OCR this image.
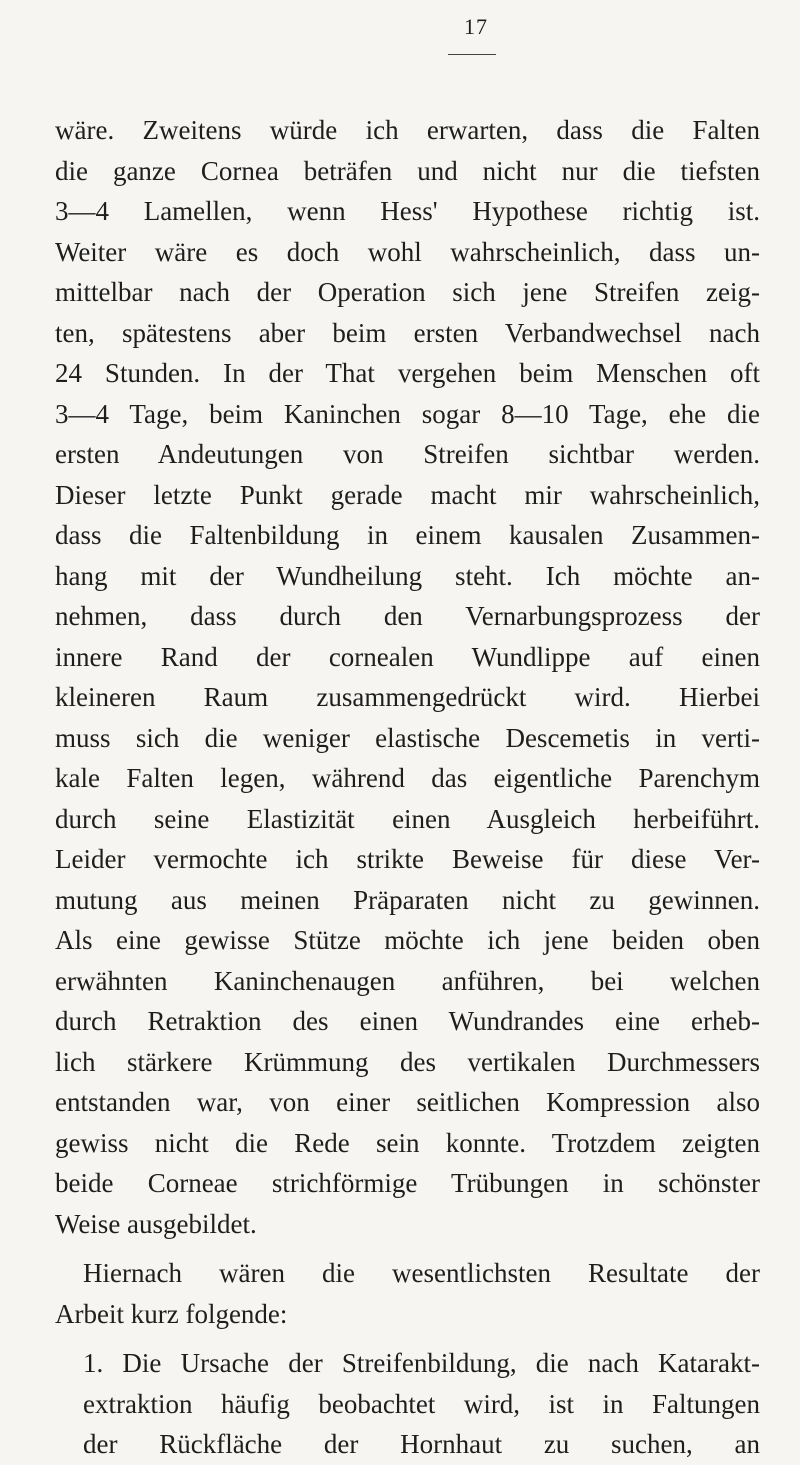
17
wäre. Zweitens würde ich erwarten, dass die Falten
die ganze Cornea beträfen und nicht nur die tiefsten
3—4 Lamellen, wenn Hess' Hypothese richtig ist.
Weiter wäre es doch wohl wahrscheinlich, dass un-
mittelbar nach der Operation sich jene Streifen zeig-
ten, spätestens aber beim ersten Verbandwechsel nach
24 Stunden. In der That vergehen beim Menschen oft
3—4 Tage, beim Kaninchen sogar 8—10 Tage, ehe die
ersten Andeutungen von Streifen sichtbar werden.
Dieser letzte Punkt gerade macht mir wahrscheinlich,
dass die Faltenbildung in einem kausalen Zusammen-
hang mit der Wundheilung steht. Ich möchte an-
nehmen, dass durch den Vernarbungsprozess der
innere Rand der cornealen Wundlippe auf einen
kleineren Raum zusammengedrückt wird. Hierbei
muss sich die weniger elastische Descemetis in verti-
kale Falten legen, während das eigentliche Parenchym
durch seine Elastizität einen Ausgleich herbeiführt.
Leider vermochte ich strikte Beweise für diese Ver-
mutung aus meinen Präparaten nicht zu gewinnen.
Als eine gewisse Stütze möchte ich jene beiden oben
erwähnten Kaninchenaugen anführen, bei welchen
durch Retraktion des einen Wundrandes eine erheb-
lich stärkere Krümmung des vertikalen Durchmessers
entstanden war, von einer seitlichen Kompression also
gewiss nicht die Rede sein konnte. Trotzdem zeigten
beide Corneae strichförmige Trübungen in schönster
Weise ausgebildet.
Hiernach wären die wesentlichsten Resultate der
Arbeit kurz folgende:
1. Die Ursache der Streifenbildung, die nach Katarakt-
extraktion häufig beobachtet wird, ist in Faltungen
der Rückfläche der Hornhaut zu suchen, an
